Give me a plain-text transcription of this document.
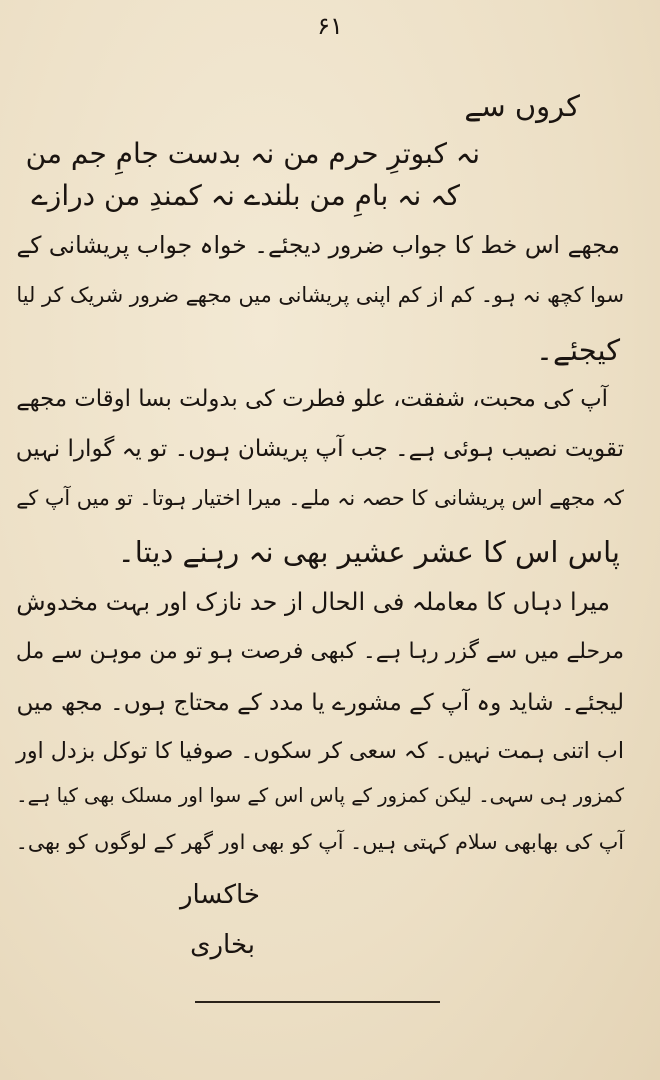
۶۱
کروں سے
نہ کبوترِ حرم من نہ بدست جامِ جم من
کہ نہ بامِ من بلندے نہ کمندِ من درازے
مجھے اس خط کا جواب ضرور دیجئے۔ خواہ جواب پریشانی کے
سوا کچھ نہ ہو۔ کم از کم اپنی پریشانی میں مجھے ضرور شریک کر لیا
کیجئے۔
آپ کی محبت، شفقت، علو فطرت کی بدولت بسا اوقات مجھے
تقویت نصیب ہوئی ہے۔ جب آپ پریشان ہوں۔ تو یہ گوارا نہیں
کہ مجھے اس پریشانی کا حصہ نہ ملے۔ میرا اختیار ہوتا۔ تو میں آپ کے
پاس اس کا عشر عشیر بھی نہ رہنے دیتا۔
میرا دہاں کا معاملہ فی الحال از حد نازک اور بہت مخدوش
مرحلے میں سے گزر رہا ہے۔ کبھی فرصت ہو تو من موہن سے مل
لیجئے۔ شاید وہ آپ کے مشورے یا مدد کے محتاج ہوں۔ مجھ میں
اب اتنی ہمت نہیں۔ کہ سعی کر سکوں۔ صوفیا کا توکل بزدل اور
کمزور ہی سہی۔ لیکن کمزور کے پاس اس کے سوا اور مسلک بھی کیا ہے۔
آپ کی بھابھی سلام کہتی ہیں۔ آپ کو بھی اور گھر کے لوگوں کو بھی۔
خاکسار
بخاری
